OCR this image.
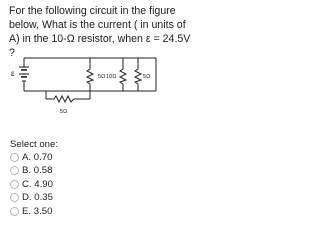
For the following circuit in the figure below, What is the current ( in units of A) in the 10-Ω resistor, when ε = 24.5V ?
ε	5Ω 10Ω	5Ω
5Ω
Select one:
A. 0.70
B. 0.58
C. 4.90
D. 0.35
E. 3.50
